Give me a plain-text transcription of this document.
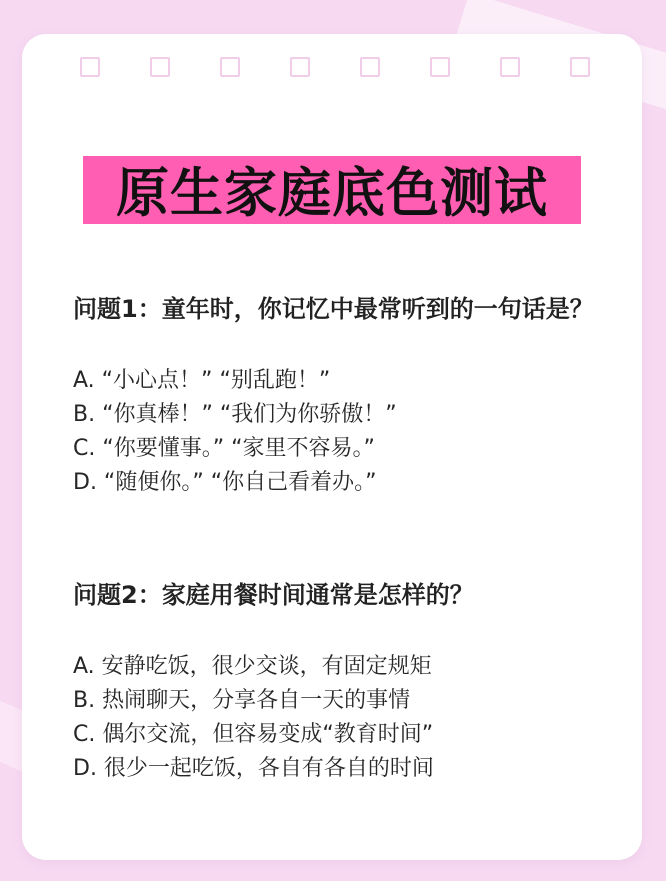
原生家庭底色测试
问题1：童年时，你记忆中最常听到的一句话是？
A. “小心点！” “别乱跑！”
B. “你真棒！” “我们为你骄傲！”
C. “你要懂事。” “家里不容易。”
D. “随便你。” “你自己看着办。”
问题2：家庭用餐时间通常是怎样的？
A. 安静吃饭，很少交谈，有固定规矩
B. 热闹聊天，分享各自一天的事情
C. 偶尔交流，但容易变成“教育时间”
D. 很少一起吃饭，各自有各自的时间
